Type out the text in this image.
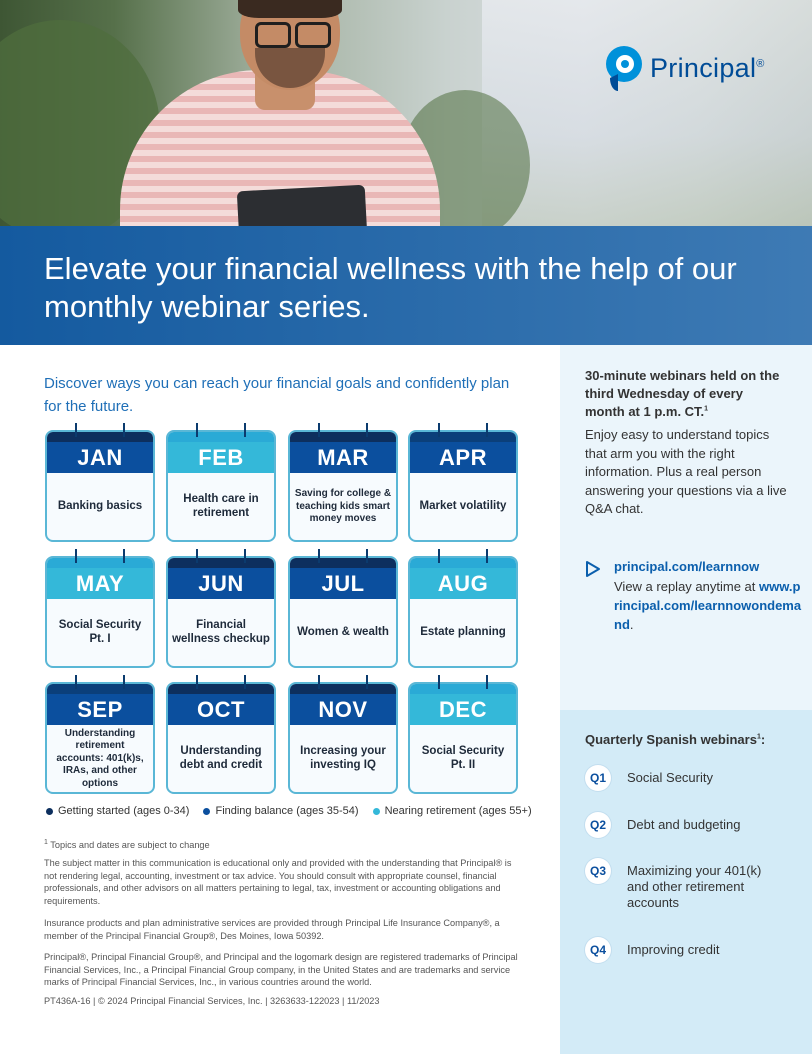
Principal®
Elevate your financial wellness with the help of our monthly webinar series.
Discover ways you can reach your financial goals and confidently plan for the future.
JAN
Banking basics
FEB
Health care in retirement
MAR
Saving for college & teaching kids smart money moves
APR
Market volatility
MAY
Social Security Pt. I
JUN
Financial wellness checkup
JUL
Women & wealth
AUG
Estate planning
SEP
Understanding retirement accounts: 401(k)s, IRAs, and other options
OCT
Understanding debt and credit
NOV
Increasing your investing IQ
DEC
Social Security Pt. II
Getting started (ages 0-34) Finding balance (ages 35-54) Nearing retirement (ages 55+)
$^1$ Topics and dates are subject to change
The subject matter in this communication is educational only and provided with the understanding that Principal® is not rendering legal, accounting, investment or tax advice. You should consult with appropriate counsel, financial professionals, and other advisors on all matters pertaining to legal, tax, investment or accounting obligations and requirements.
Insurance products and plan administrative services are provided through Principal Life Insurance Company®, a member of the Principal Financial Group®, Des Moines, Iowa 50392.
Principal®, Principal Financial Group®, and Principal and the logomark design are registered trademarks of Principal Financial Services, Inc., a Principal Financial Group company, in the United States and are trademarks and service marks of Principal Financial Services, Inc., in various countries around the world.
PT436A-16 | © 2024 Principal Financial Services, Inc. | 3263633-122023 | 11/2023
30-minute webinars held on the third Wednesday of every month at 1 p.m. CT.$^1$
Enjoy easy to understand topics that arm you with the right information. Plus a real person answering your questions via a live Q&A chat.
principal.com/learnnow
View a replay anytime at www.principal.com/learnnowondemand.
Quarterly Spanish webinars$^1$:
Q1	Social Security
Q2	Debt and budgeting
Q3	Maximizing your 401(k) and other retirement accounts
Q4	Improving credit
